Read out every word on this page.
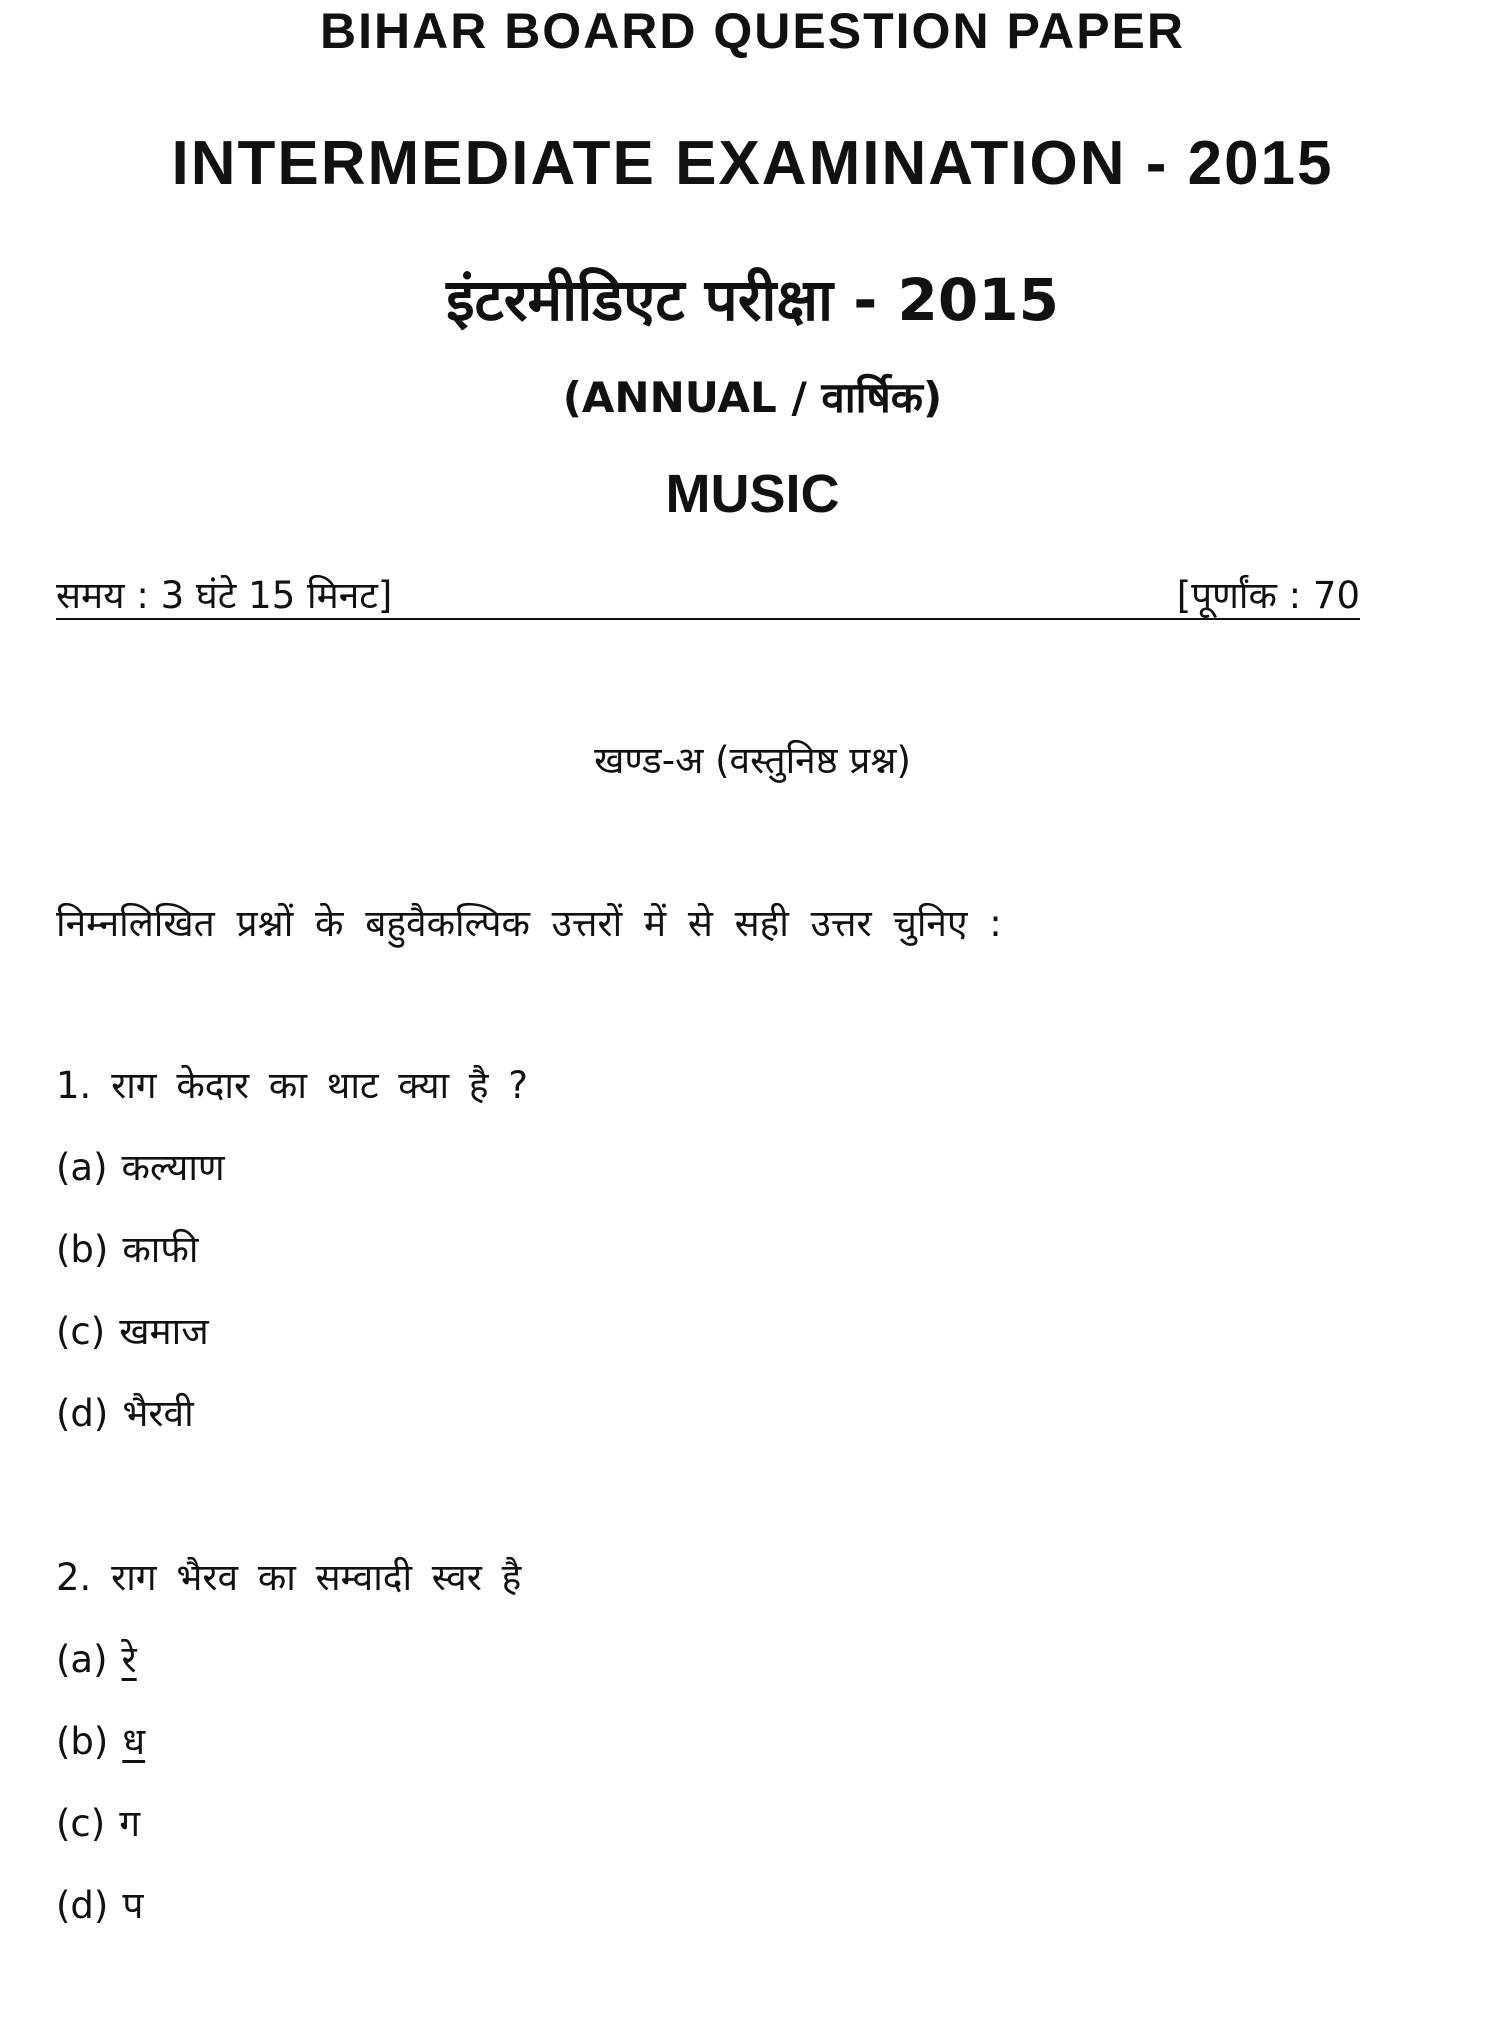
BIHAR BOARD QUESTION PAPER
INTERMEDIATE EXAMINATION - 2015
इंटरमीडिएट परीक्षा - 2015
(ANNUAL / वार्षिक)
MUSIC
समय : 3 घंटे 15 मिनट]	[पूर्णांक : 70
खण्ड-अ (वस्तुनिष्ठ प्रश्न)
निम्नलिखित प्रश्नों के बहुवैकल्पिक उत्तरों में से सही उत्तर चुनिए :
1. राग केदार का थाट क्या है ?
(a) कल्याण
(b) काफी
(c) खमाज
(d) भैरवी
2. राग भैरव का सम्वादी स्वर है
(a) रे
(b) ध
(c) ग
(d) प
